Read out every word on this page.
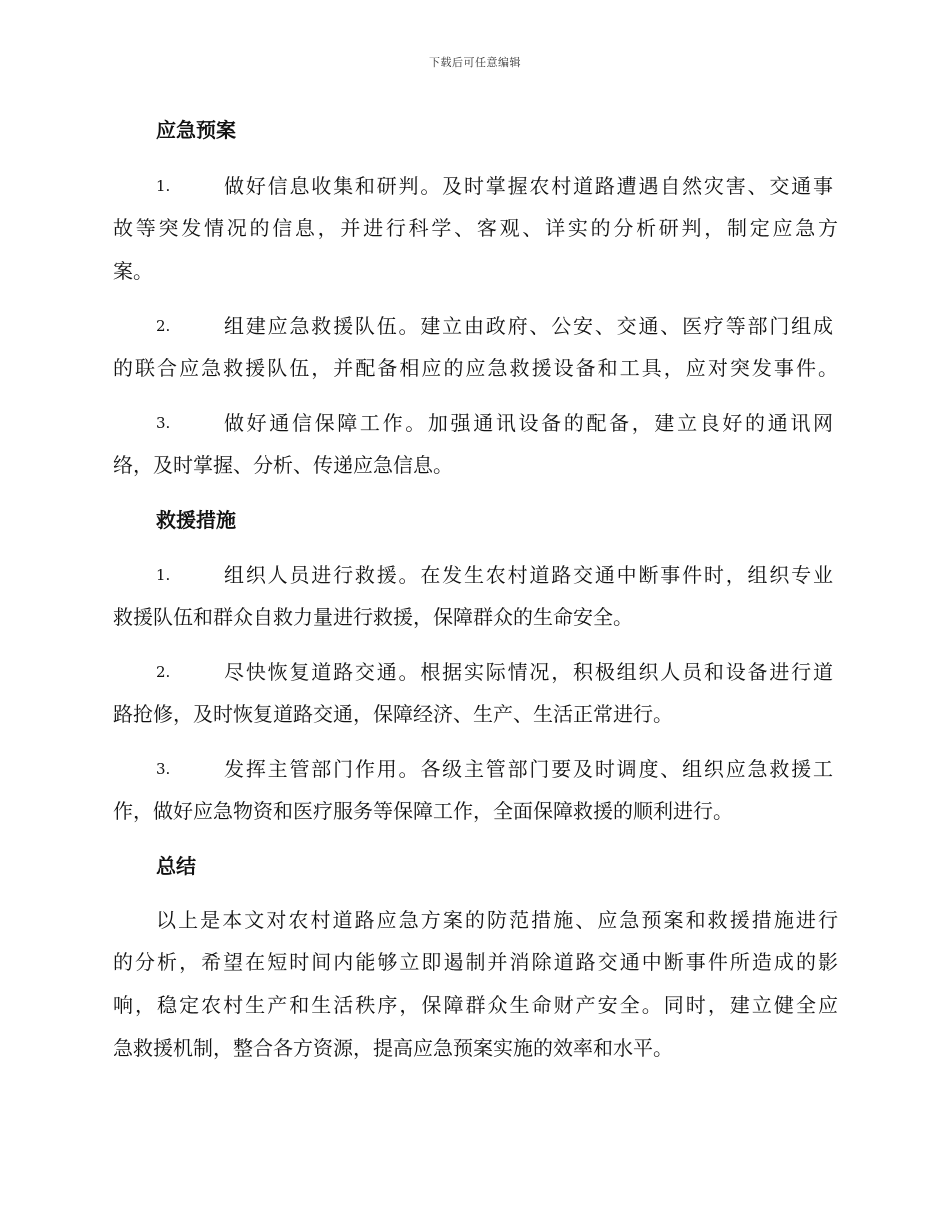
下载后可任意编辑
应急预案
1.	做好信息收集和研判。及时掌握农村道路遭遇自然灾害、交通事
故等突发情况的信息，并进行科学、客观、详实的分析研判，制定应急方
案。
2.	组建应急救援队伍。建立由政府、公安、交通、医疗等部门组成
的联合应急救援队伍，并配备相应的应急救援设备和工具，应对突发事件。
3.	做好通信保障工作。加强通讯设备的配备，建立良好的通讯网
络，及时掌握、分析、传递应急信息。
救援措施
1.	组织人员进行救援。在发生农村道路交通中断事件时，组织专业
救援队伍和群众自救力量进行救援，保障群众的生命安全。
2.	尽快恢复道路交通。根据实际情况，积极组织人员和设备进行道
路抢修，及时恢复道路交通，保障经济、生产、生活正常进行。
3.	发挥主管部门作用。各级主管部门要及时调度、组织应急救援工
作，做好应急物资和医疗服务等保障工作，全面保障救援的顺利进行。
总结
以上是本文对农村道路应急方案的防范措施、应急预案和救援措施进行
的分析，希望在短时间内能够立即遏制并消除道路交通中断事件所造成的影
响，稳定农村生产和生活秩序，保障群众生命财产安全。同时，建立健全应
急救援机制，整合各方资源，提高应急预案实施的效率和水平。
